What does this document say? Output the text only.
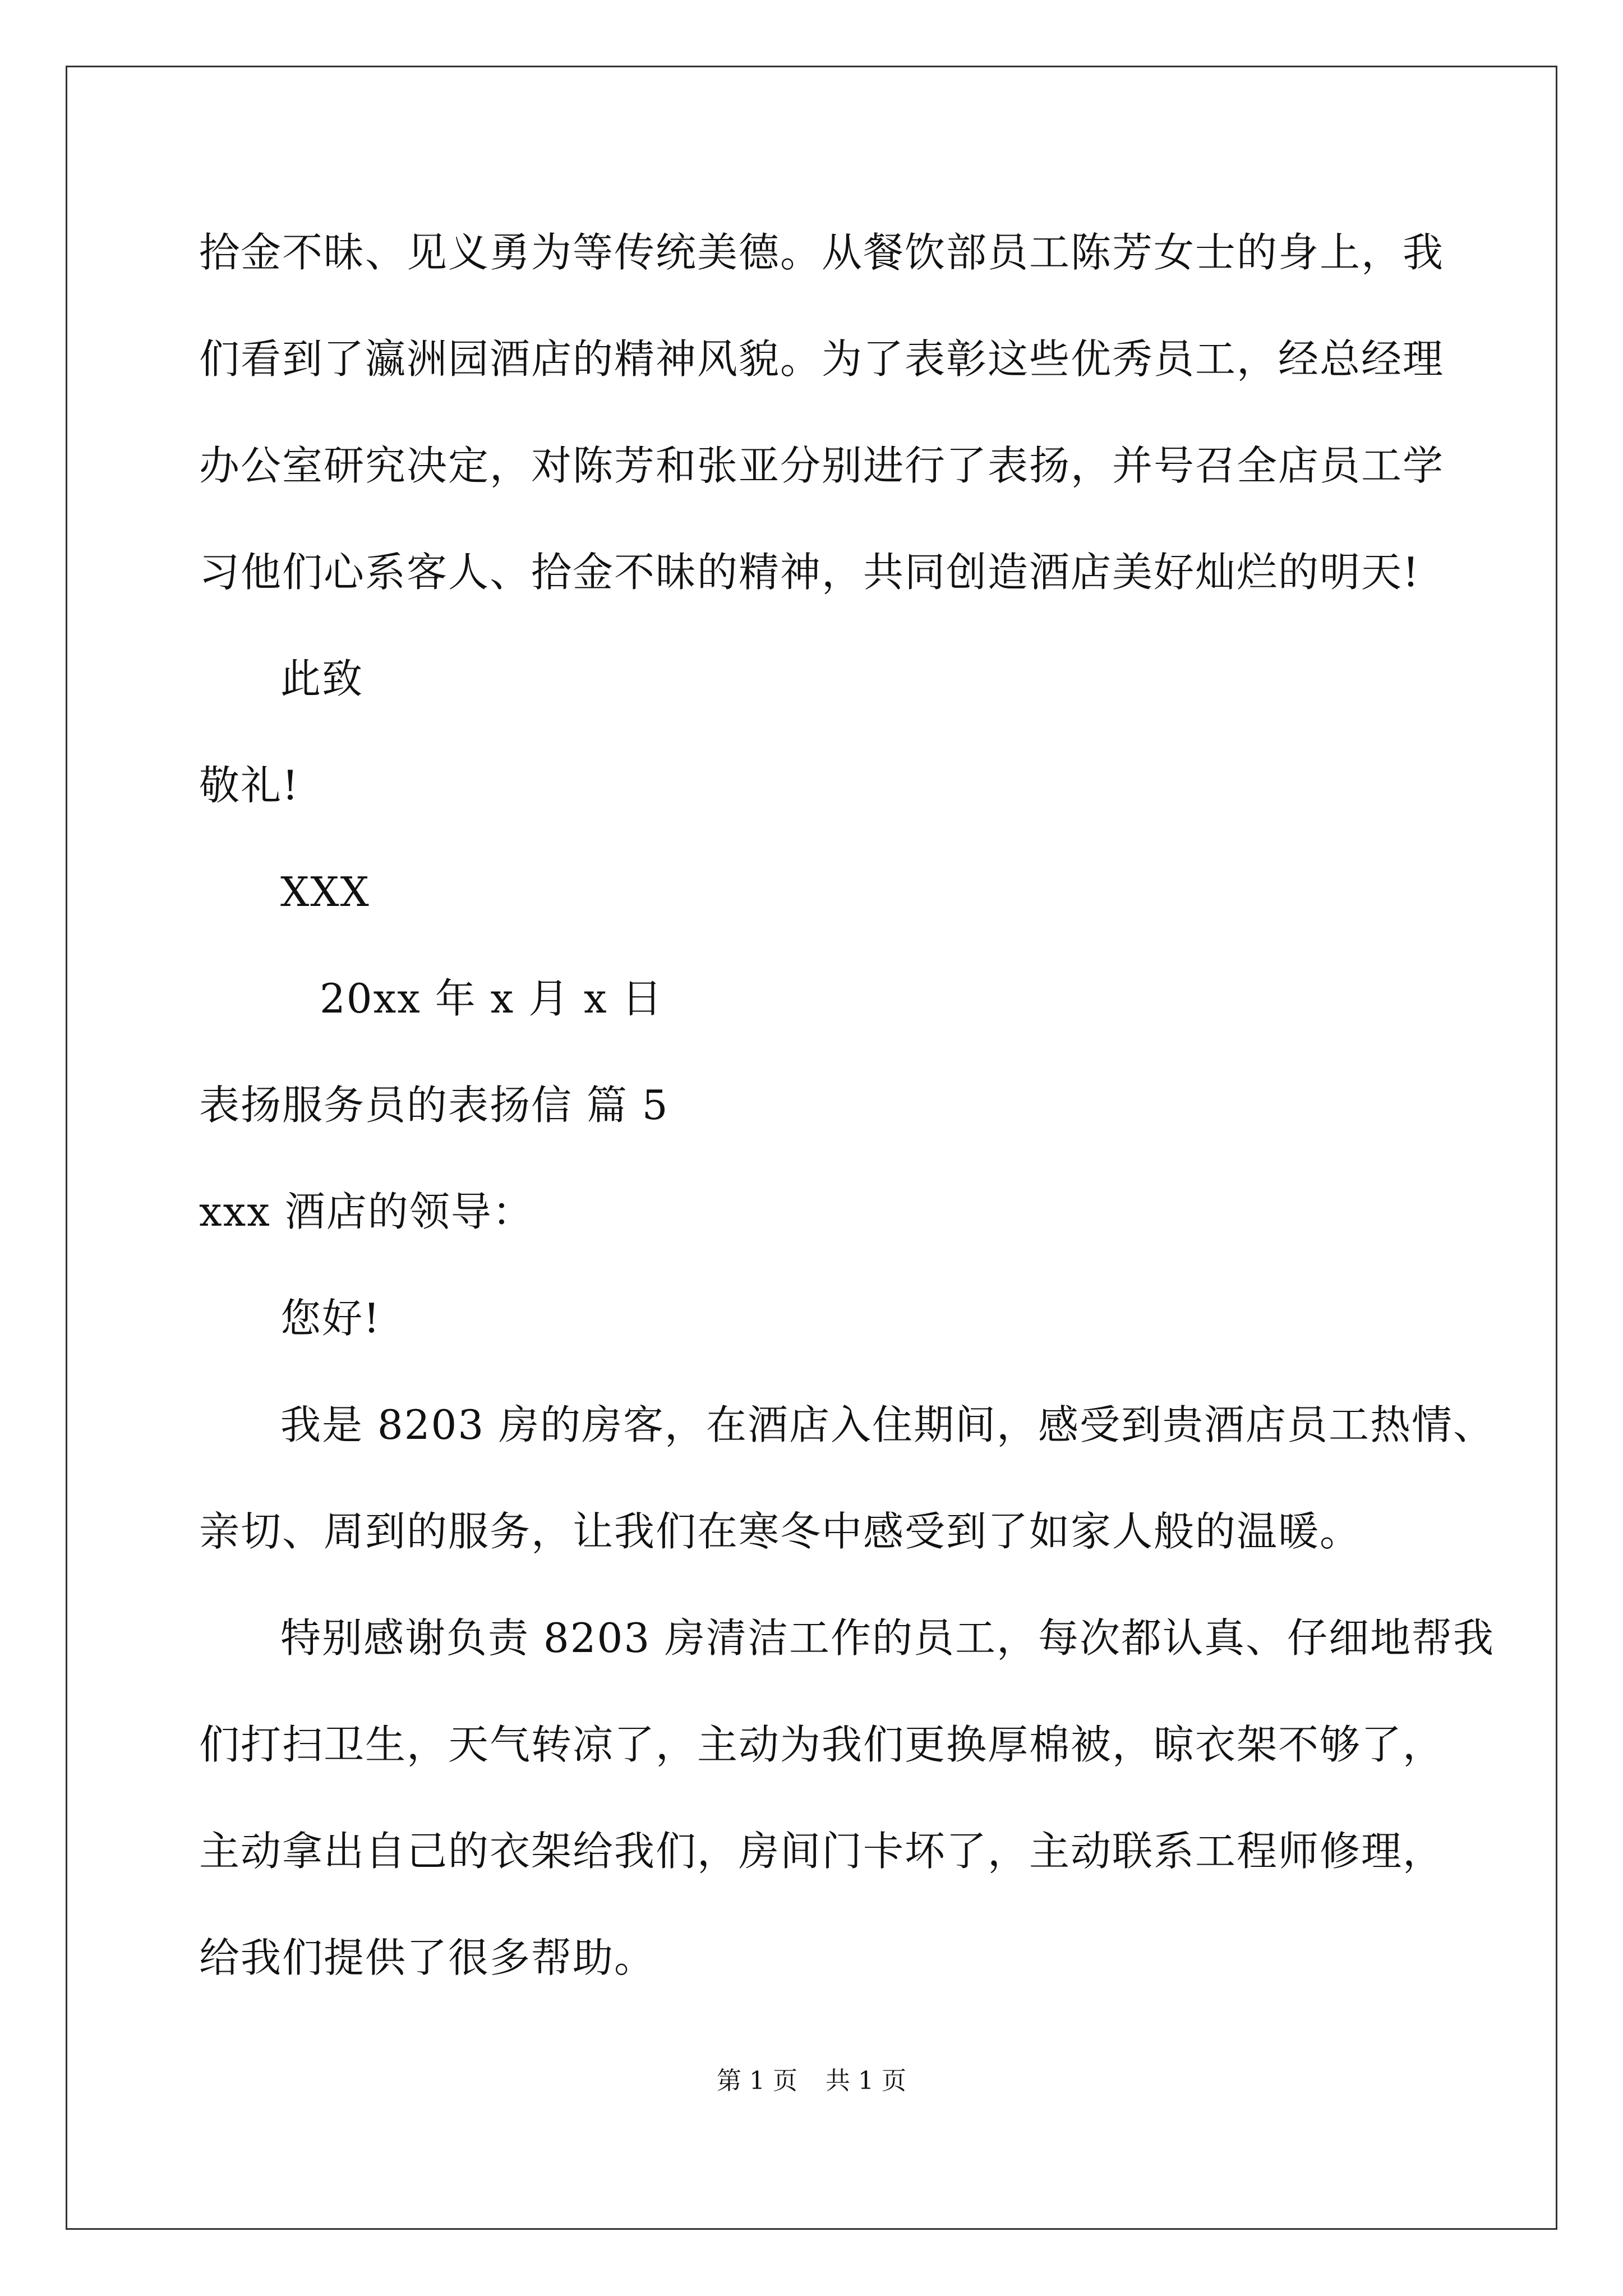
拾金不昧、见义勇为等传统美德。从餐饮部员工陈芳女士的身上，我
们看到了瀛洲园酒店的精神风貌。为了表彰这些优秀员工，经总经理
办公室研究决定，对陈芳和张亚分别进行了表扬，并号召全店员工学
习他们心系客人、拾金不昧的精神，共同创造酒店美好灿烂的明天!
此致
敬礼!
XXX
20xx 年 x 月 x 日
表扬服务员的表扬信 篇 5
xxx 酒店的领导：
您好!
我是 8203 房的房客，在酒店入住期间，感受到贵酒店员工热情、
亲切、周到的服务，让我们在寒冬中感受到了如家人般的温暖。
特别感谢负责 8203 房清洁工作的员工，每次都认真、仔细地帮我
们打扫卫生，天气转凉了，主动为我们更换厚棉被，晾衣架不够了，
主动拿出自己的衣架给我们，房间门卡坏了，主动联系工程师修理，
给我们提供了很多帮助。
第 1 页 共 1 页
